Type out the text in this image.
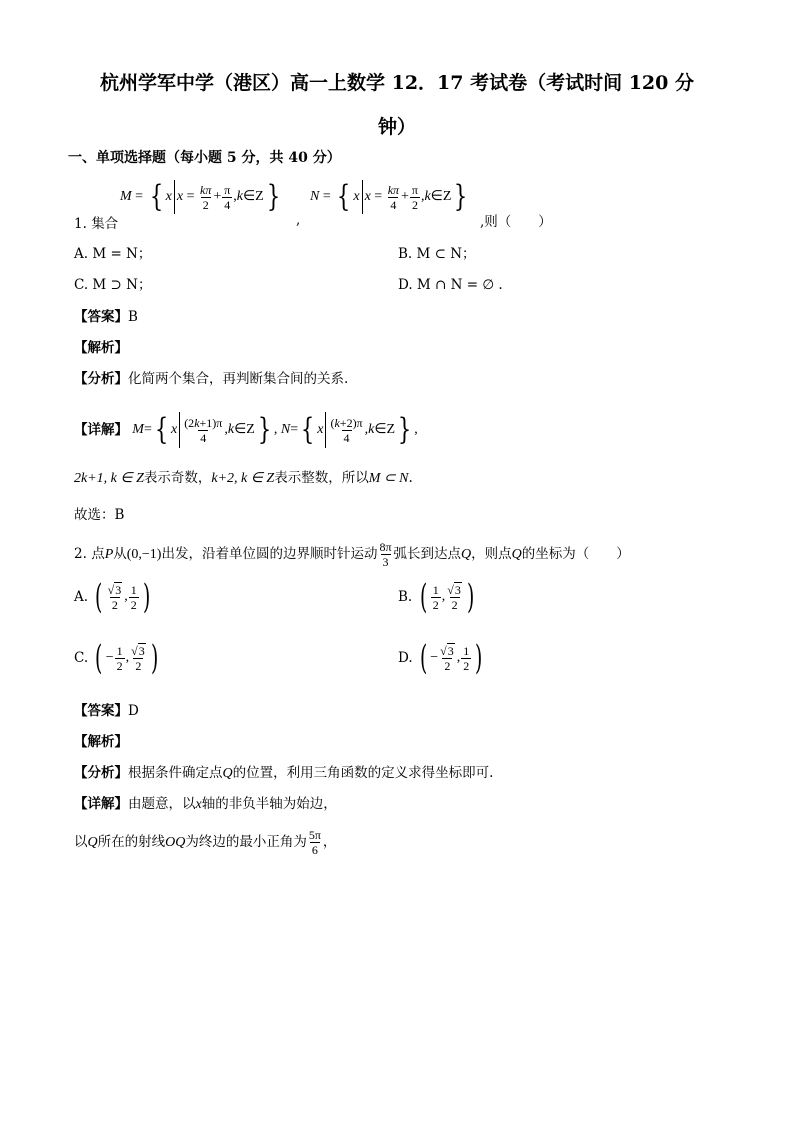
杭州学军中学（港区）高一上数学 12．17 考试卷（考试时间 120 分
钟）
一、单项选择题（每小题 5 分，共 40 分）
M = { x $x = \frac{k\pi}{2} + \frac{\pi}{4}$ ,k∈Z}
,
N = { x $x = \frac{k\pi}{4} + \frac{\pi}{2}$ ,k∈Z}
1. 集合	,则（　　）
A. M = N；	B. M ⊂ N；
C. M ⊃ N；	D. M ∩ N = ∅ .
【答案】B
【解析】
【分析】化简两个集合，再判断集合间的关系.
【详解】 M={ x $\frac{(2k+1)\pi}{4}$ ,k∈Z} , N={ x $\frac{(k+2)\pi}{4}$ ,k∈Z} ,
2k+1, k ∈ Z表示奇数，k+2, k ∈ Z表示整数，所以M ⊂ N.
故选：B
2. 点P从(0,−1)出发，沿着单位圆的边界顺时针运动 $\frac{8\pi}{3}$ 弧长到达点Q，则点Q的坐标为（　　）
A. ( $\frac{√3}{2}$ , $\frac{1}{2}$ )	B. ( $\frac{1}{2}$ , $\frac{√3}{2}$ )
C. ( − $\frac{1}{2}$ , $\frac{√3}{2}$ )	D. ( − $\frac{√3}{2}$ , $\frac{1}{2}$ )
【答案】D
【解析】
【分析】根据条件确定点Q的位置，利用三角函数的定义求得坐标即可.
【详解】由题意，以x轴的非负半轴为始边，
以Q所在的射线OQ为终边的最小正角为 $\frac{5\pi}{6}$ ，
